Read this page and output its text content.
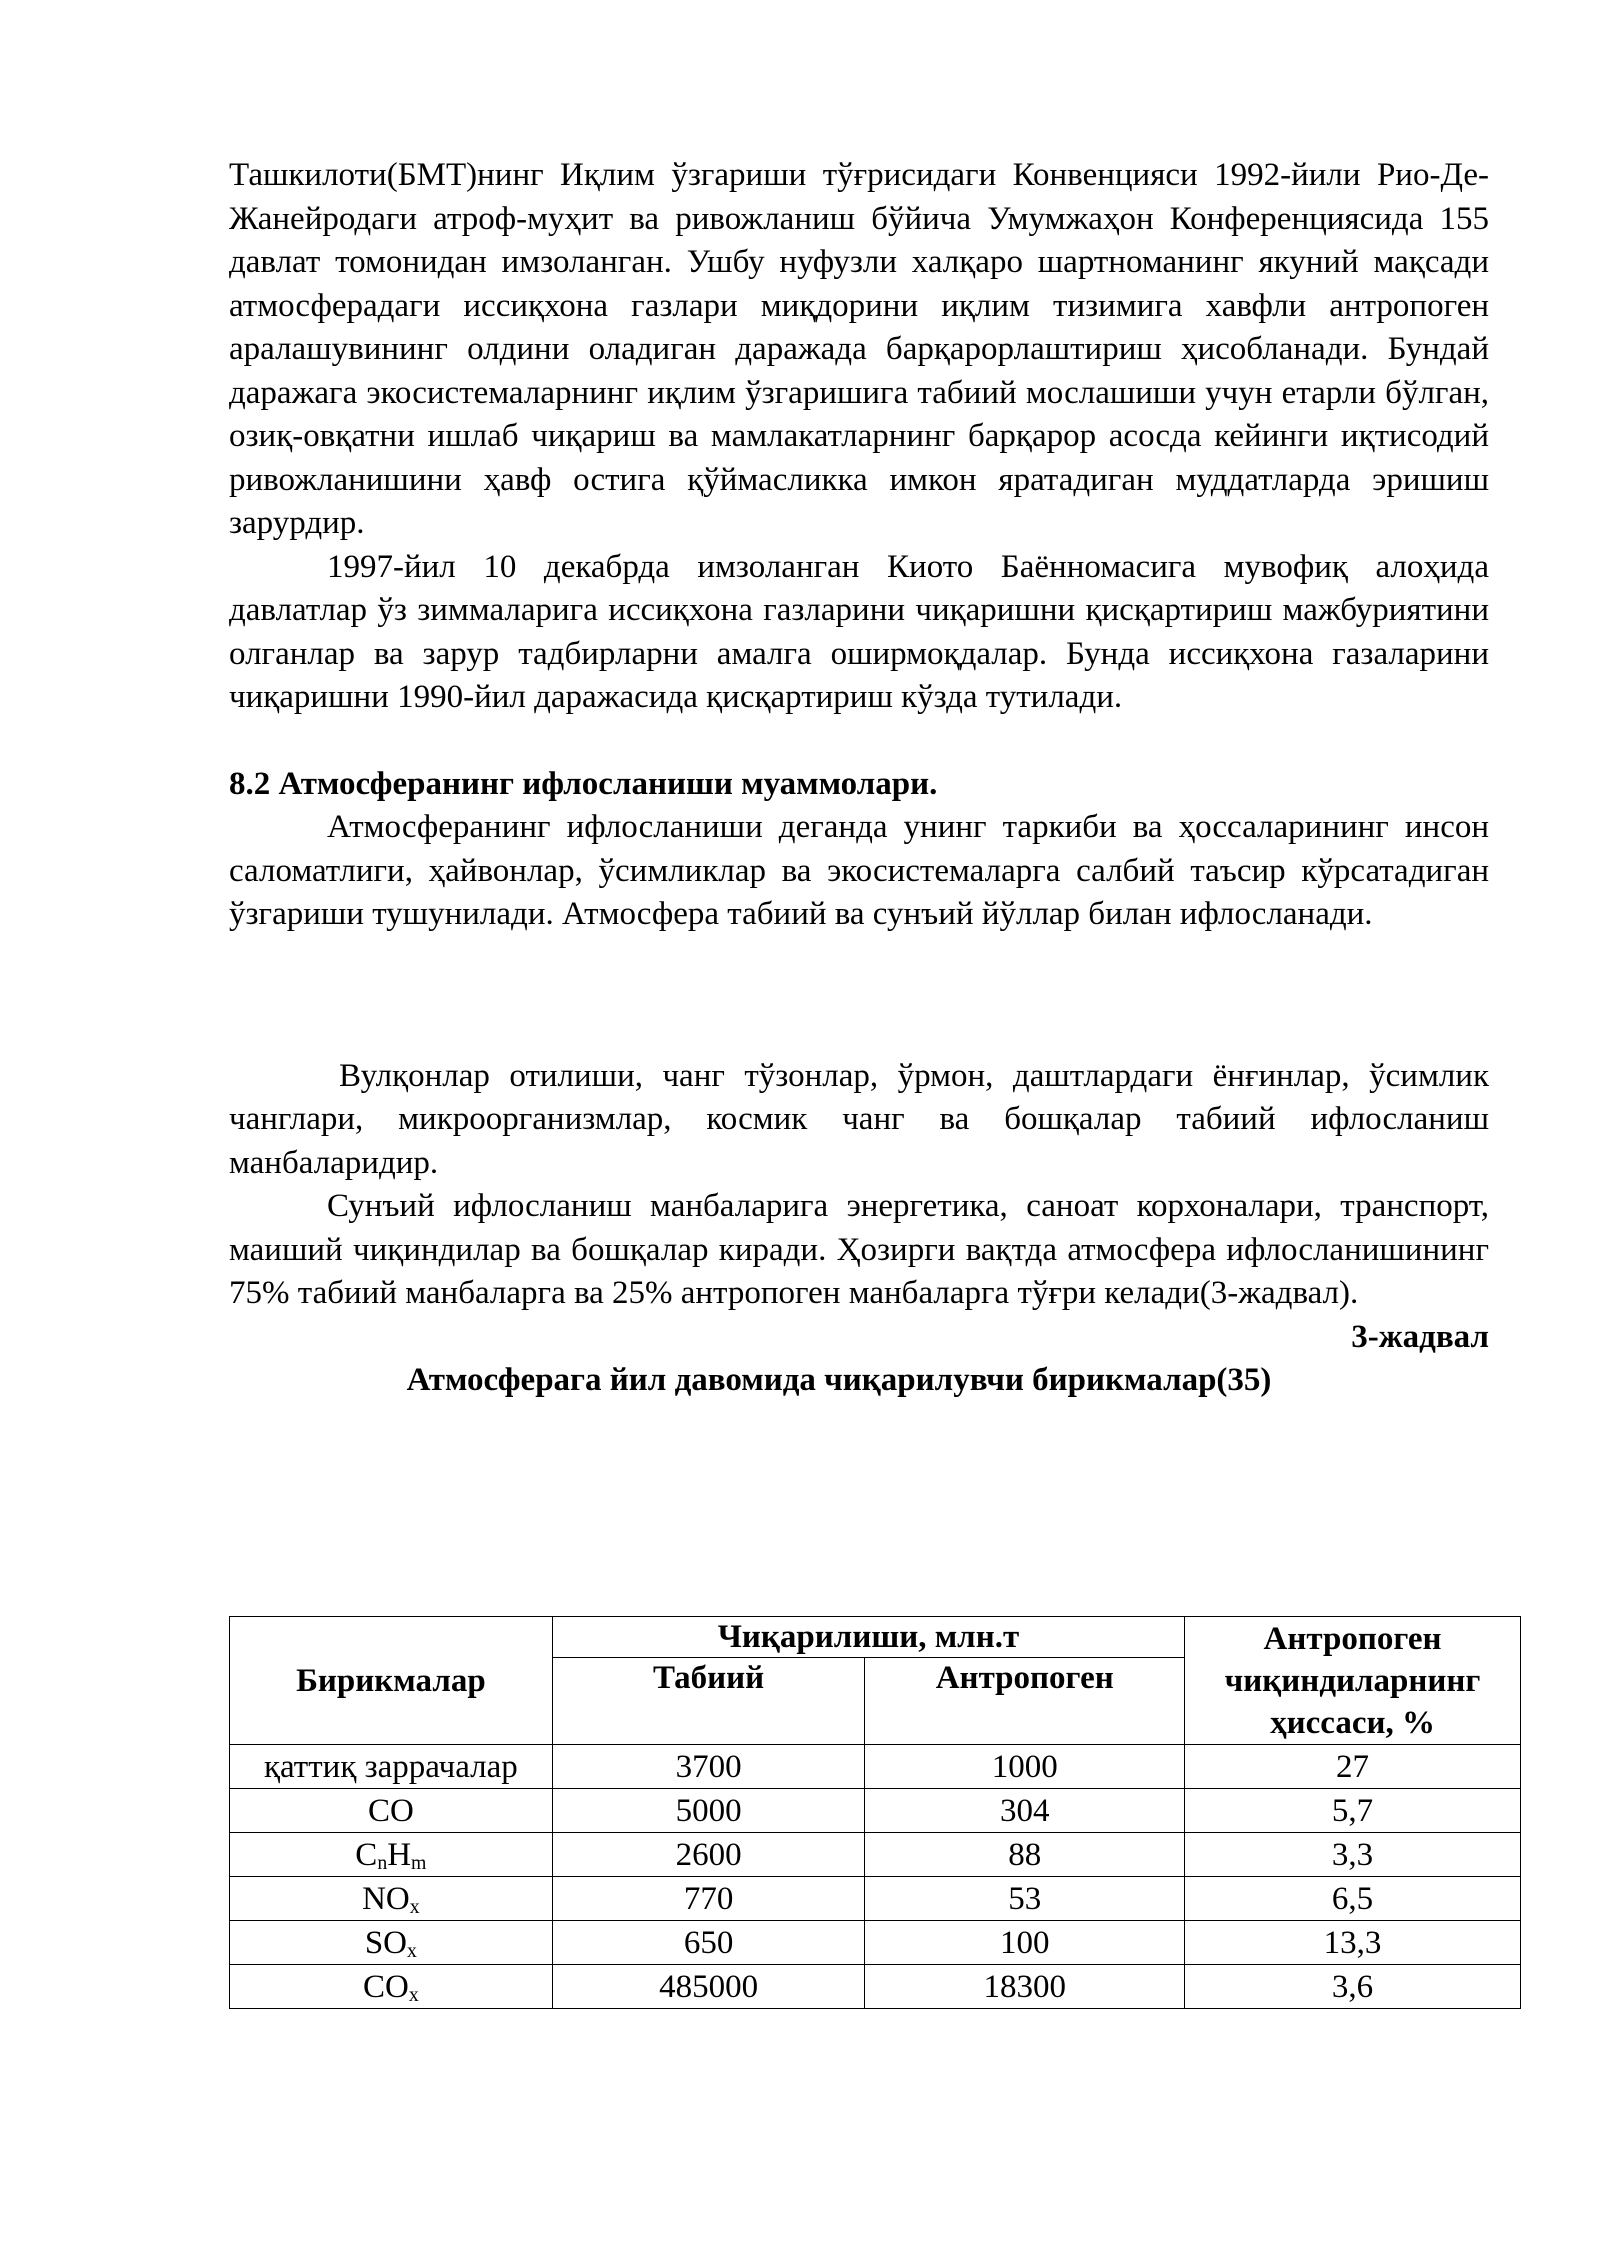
Ташкилоти(БМТ)нинг Иқлим ўзгариши тўғрисидаги Конвенцияси 1992-йили Рио-Де-Жанейродаги атроф-муҳит ва ривожланиш бўйича Умумжаҳон Конференциясида 155 давлат томонидан имзоланган. Ушбу нуфузли халқаро шартноманинг якуний мақсади атмосферадаги иссиқхона газлари миқдорини иқлим тизимига хавфли антропоген аралашувининг олдини оладиган даражада барқарорлаштириш ҳисобланади. Бундай даражага экосистемаларнинг иқлим ўзгаришига табиий мослашиши учун етарли бўлган, озиқ-овқатни ишлаб чиқариш ва мамлакатларнинг барқарор асосда кейинги иқтисодий ривожланишини ҳавф остига қўймасликка имкон яратадиган муддатларда эришиш зарурдир.

1997-йил 10 декабрда имзоланган Киото Баённомасига мувофиқ алоҳида давлатлар ўз зиммаларига иссиқхона газларини чиқаришни қисқартириш мажбуриятини олганлар ва зарур тадбирларни амалга оширмоқдалар. Бунда иссиқхона газаларини чиқаришни 1990-йил даражасида қисқартириш кўзда тутилади.

8.2 Атмосферанинг ифлосланиши муаммолари.

Атмосферанинг ифлосланиши деганда унинг таркиби ва ҳоссаларининг инсон саломатлиги, ҳайвонлар, ўсимликлар ва экосистемаларга салбий таъсир кўрсатадиган ўзгариши тушунилади. Атмосфера табиий ва сунъий йўллар билан ифлосланади.

Вулқонлар отилиши, чанг тўзонлар, ўрмон, даштлардаги ёнғинлар, ўсимлик чанглари, микроорганизмлар, космик чанг ва бошқалар табиий ифлосланиш манбаларидир.

Сунъий ифлосланиш манбаларига энергетика, саноат корхоналари, транспорт, маиший чиқиндилар ва бошқалар киради. Ҳозирги вақтда атмосфера ифлосланишининг 75% табиий манбаларга ва 25% антропоген манбаларга тўғри келади(3-жадвал).

3-жадвал

Атмосферага йил давомида чиқарилувчи бирикмалар(35)

Бирикмалар	Чиқарилиши, млн.т		Антропоген
чиқиндиларнинг
ҳиссаси, %
	Табиий	Антропоген	
қаттиқ заррачалар	3700	1000	27
CO	5000	304	5,7
$C_nH_m$	2600	88	3,3
$NO_x$	770	53	6,5
$SO_x$	650	100	13,3
$CO_x$	485000	18300	3,6
